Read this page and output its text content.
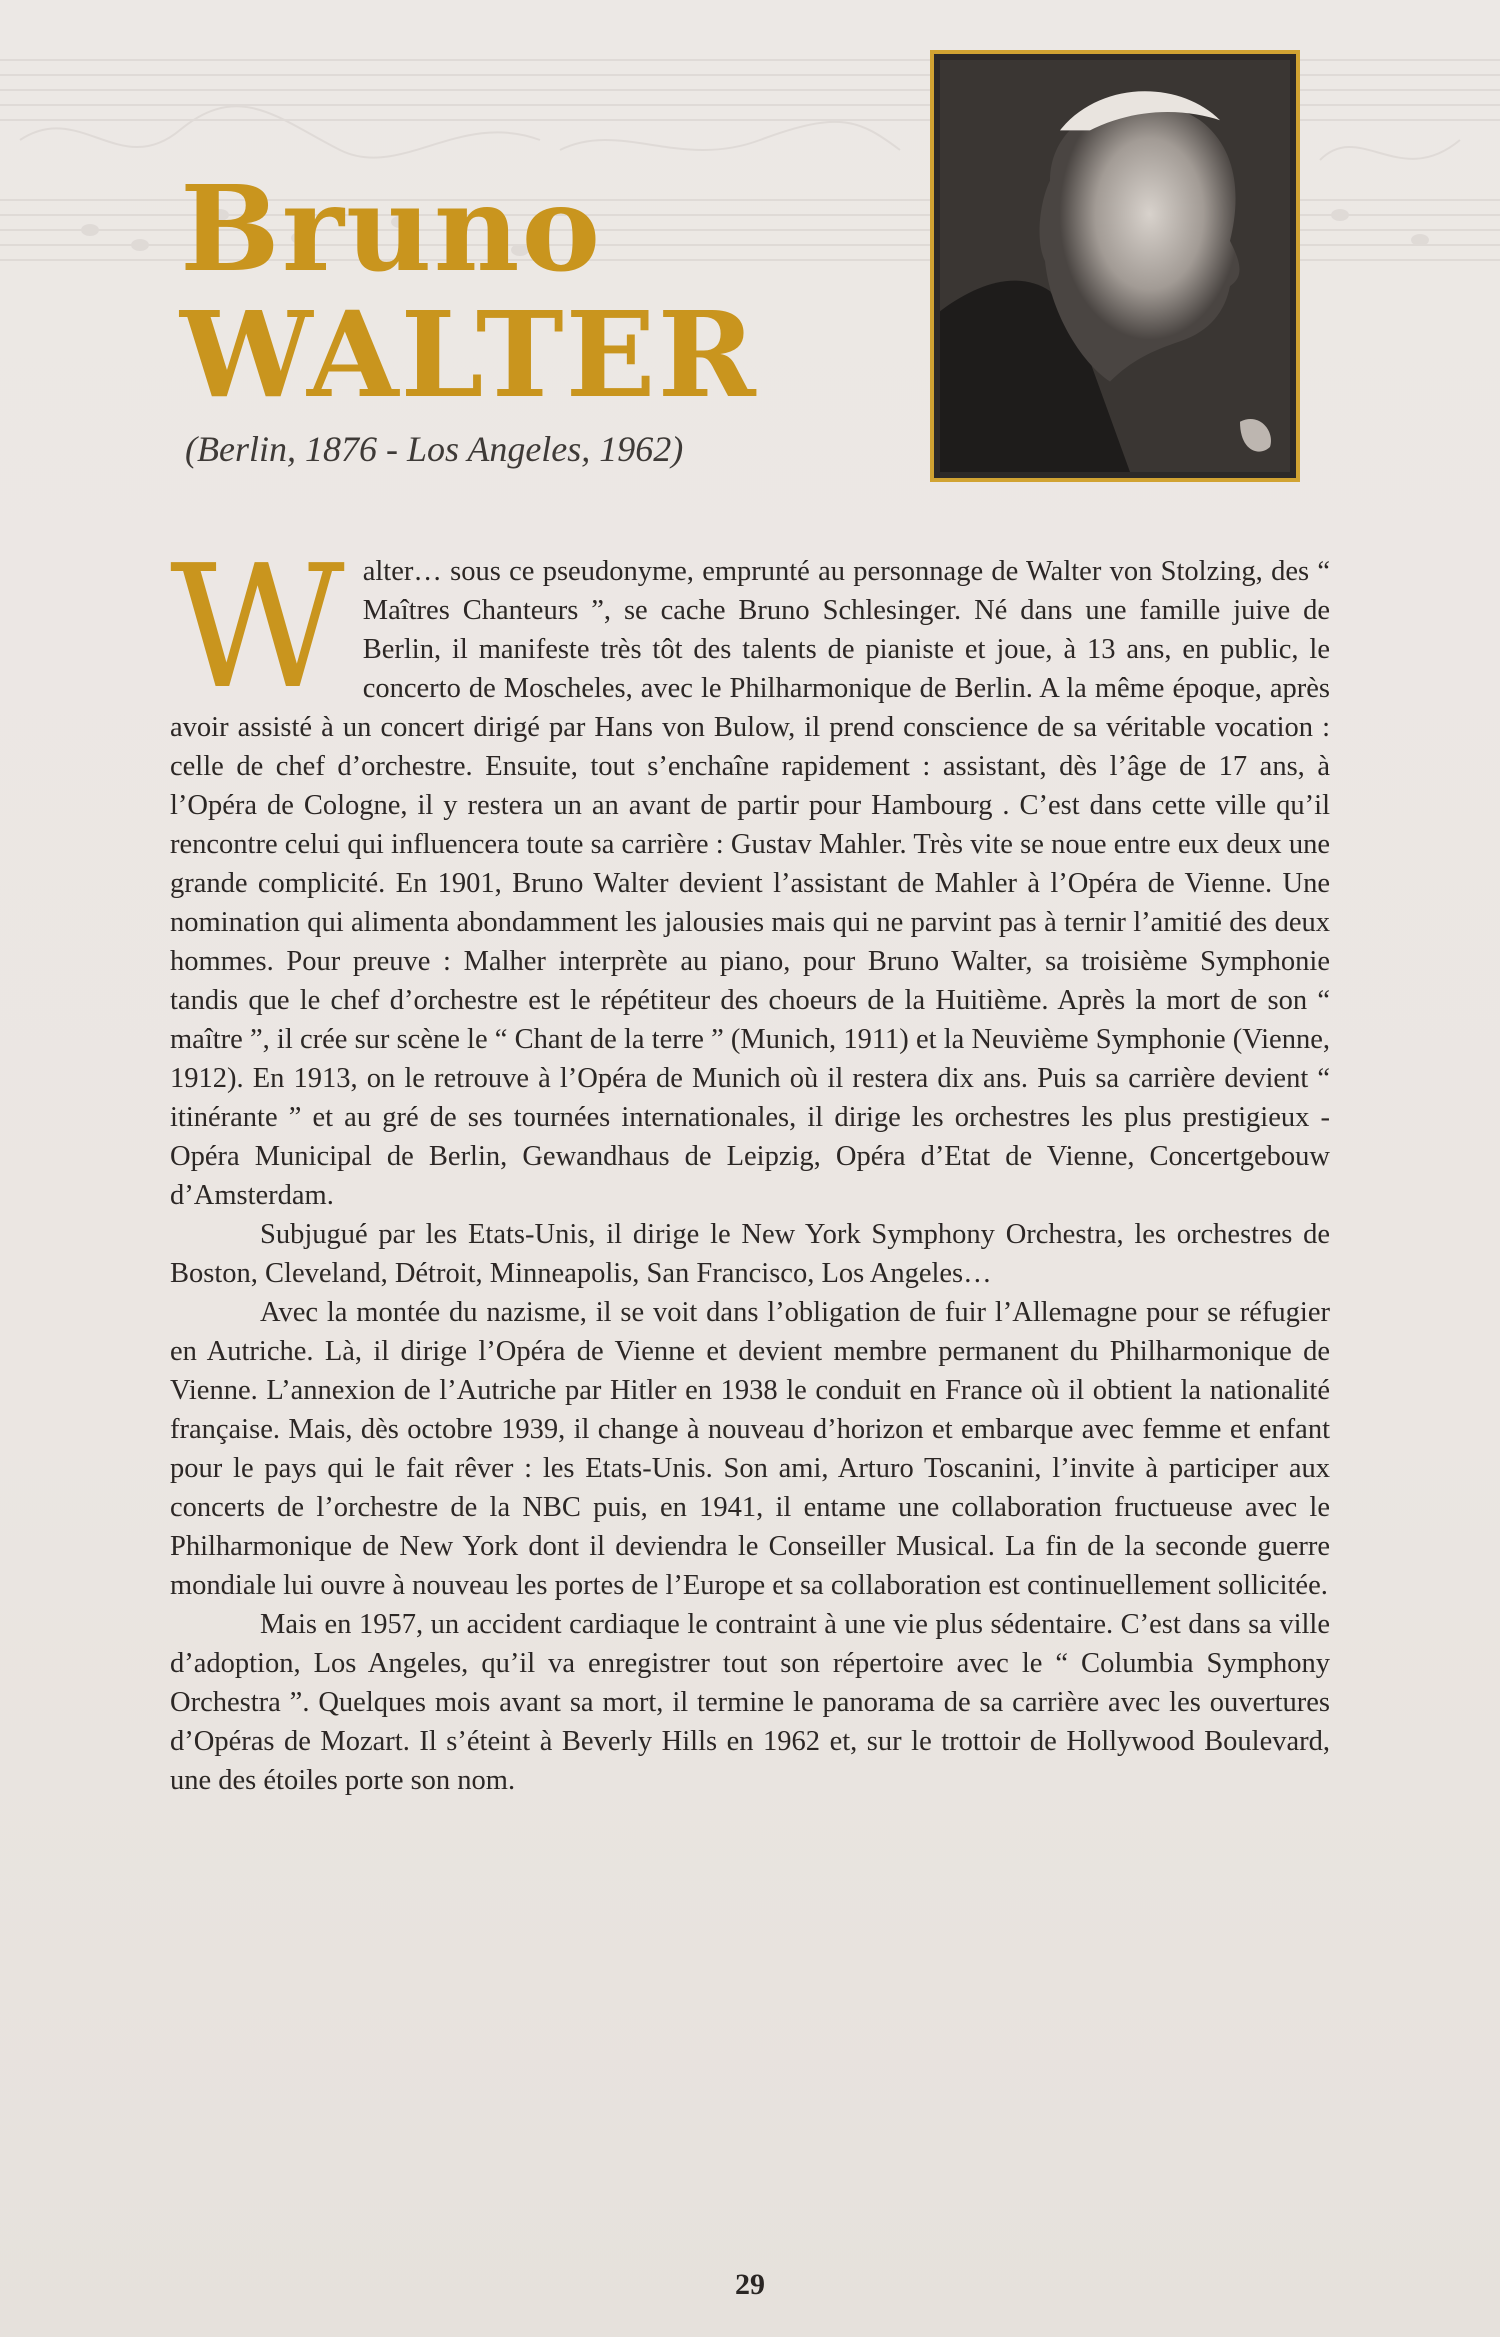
Bruno
WALTER
(Berlin, 1876 - Los Angeles, 1962)

Walter… sous ce pseudonyme, emprunté au personnage de Walter von Stolzing, des “ Maîtres Chanteurs ”, se cache Bruno Schlesinger. Né dans une famille juive de Berlin, il manifeste très tôt des talents de pianiste et joue, à 13 ans, en public, le concerto de Moscheles, avec le Philharmonique de Berlin. A la même époque, après avoir assisté à un concert dirigé par Hans von Bulow, il prend conscience de sa véritable vocation : celle de chef d’orchestre. Ensuite, tout s’enchaîne rapidement : assistant, dès l’âge de 17 ans, à l’Opéra de Cologne, il y restera un an avant de partir pour Hambourg . C’est dans cette ville qu’il rencontre celui qui influencera toute sa carrière : Gustav Mahler. Très vite se noue entre eux deux une grande complicité. En 1901, Bruno Walter devient l’assistant de Mahler à l’Opéra de Vienne. Une nomination qui alimenta abondamment les jalousies mais qui ne parvint pas à ternir l’amitié des deux hommes. Pour preuve : Malher interprète au piano, pour Bruno Walter, sa troisième Symphonie tandis que le chef d’orchestre est le répétiteur des choeurs de la Huitième. Après la mort de son “ maître ”, il crée sur scène le “ Chant de la terre ” (Munich, 1911) et la Neuvième Symphonie (Vienne, 1912). En 1913, on le retrouve à l’Opéra de Munich où il restera dix ans. Puis sa carrière devient “ itinérante ” et au gré de ses tournées internationales, il dirige les orchestres les plus prestigieux - Opéra Municipal de Berlin, Gewandhaus de Leipzig, Opéra d’Etat de Vienne, Concertgebouw d’Amsterdam.

Subjugué par les Etats-Unis, il dirige le New York Symphony Orchestra, les orchestres de Boston, Cleveland, Détroit, Minneapolis, San Francisco, Los Angeles…

Avec la montée du nazisme, il se voit dans l’obligation de fuir l’Allemagne pour se réfugier en Autriche. Là, il dirige l’Opéra de Vienne et devient membre permanent du Philharmonique de Vienne. L’annexion de l’Autriche par Hitler en 1938 le conduit en France où il obtient la nationalité française. Mais, dès octobre 1939, il change à nouveau d’horizon et embarque avec femme et enfant pour le pays qui le fait rêver : les Etats-Unis. Son ami, Arturo Toscanini, l’invite à participer aux concerts de l’orchestre de la NBC puis, en 1941, il entame une collaboration fructueuse avec le Philharmonique de New York dont il deviendra le Conseiller Musical. La fin de la seconde guerre mondiale lui ouvre à nouveau les portes de l’Europe et sa collaboration est continuellement sollicitée.

Mais en 1957, un accident cardiaque le contraint à une vie plus sédentaire. C’est dans sa ville d’adoption, Los Angeles, qu’il va enregistrer tout son répertoire avec le “ Columbia Symphony Orchestra ”. Quelques mois avant sa mort, il termine le panorama de sa carrière avec les ouvertures d’Opéras de Mozart. Il s’éteint à Beverly Hills en 1962 et, sur le trottoir de Hollywood Boulevard, une des étoiles porte son nom.

29
